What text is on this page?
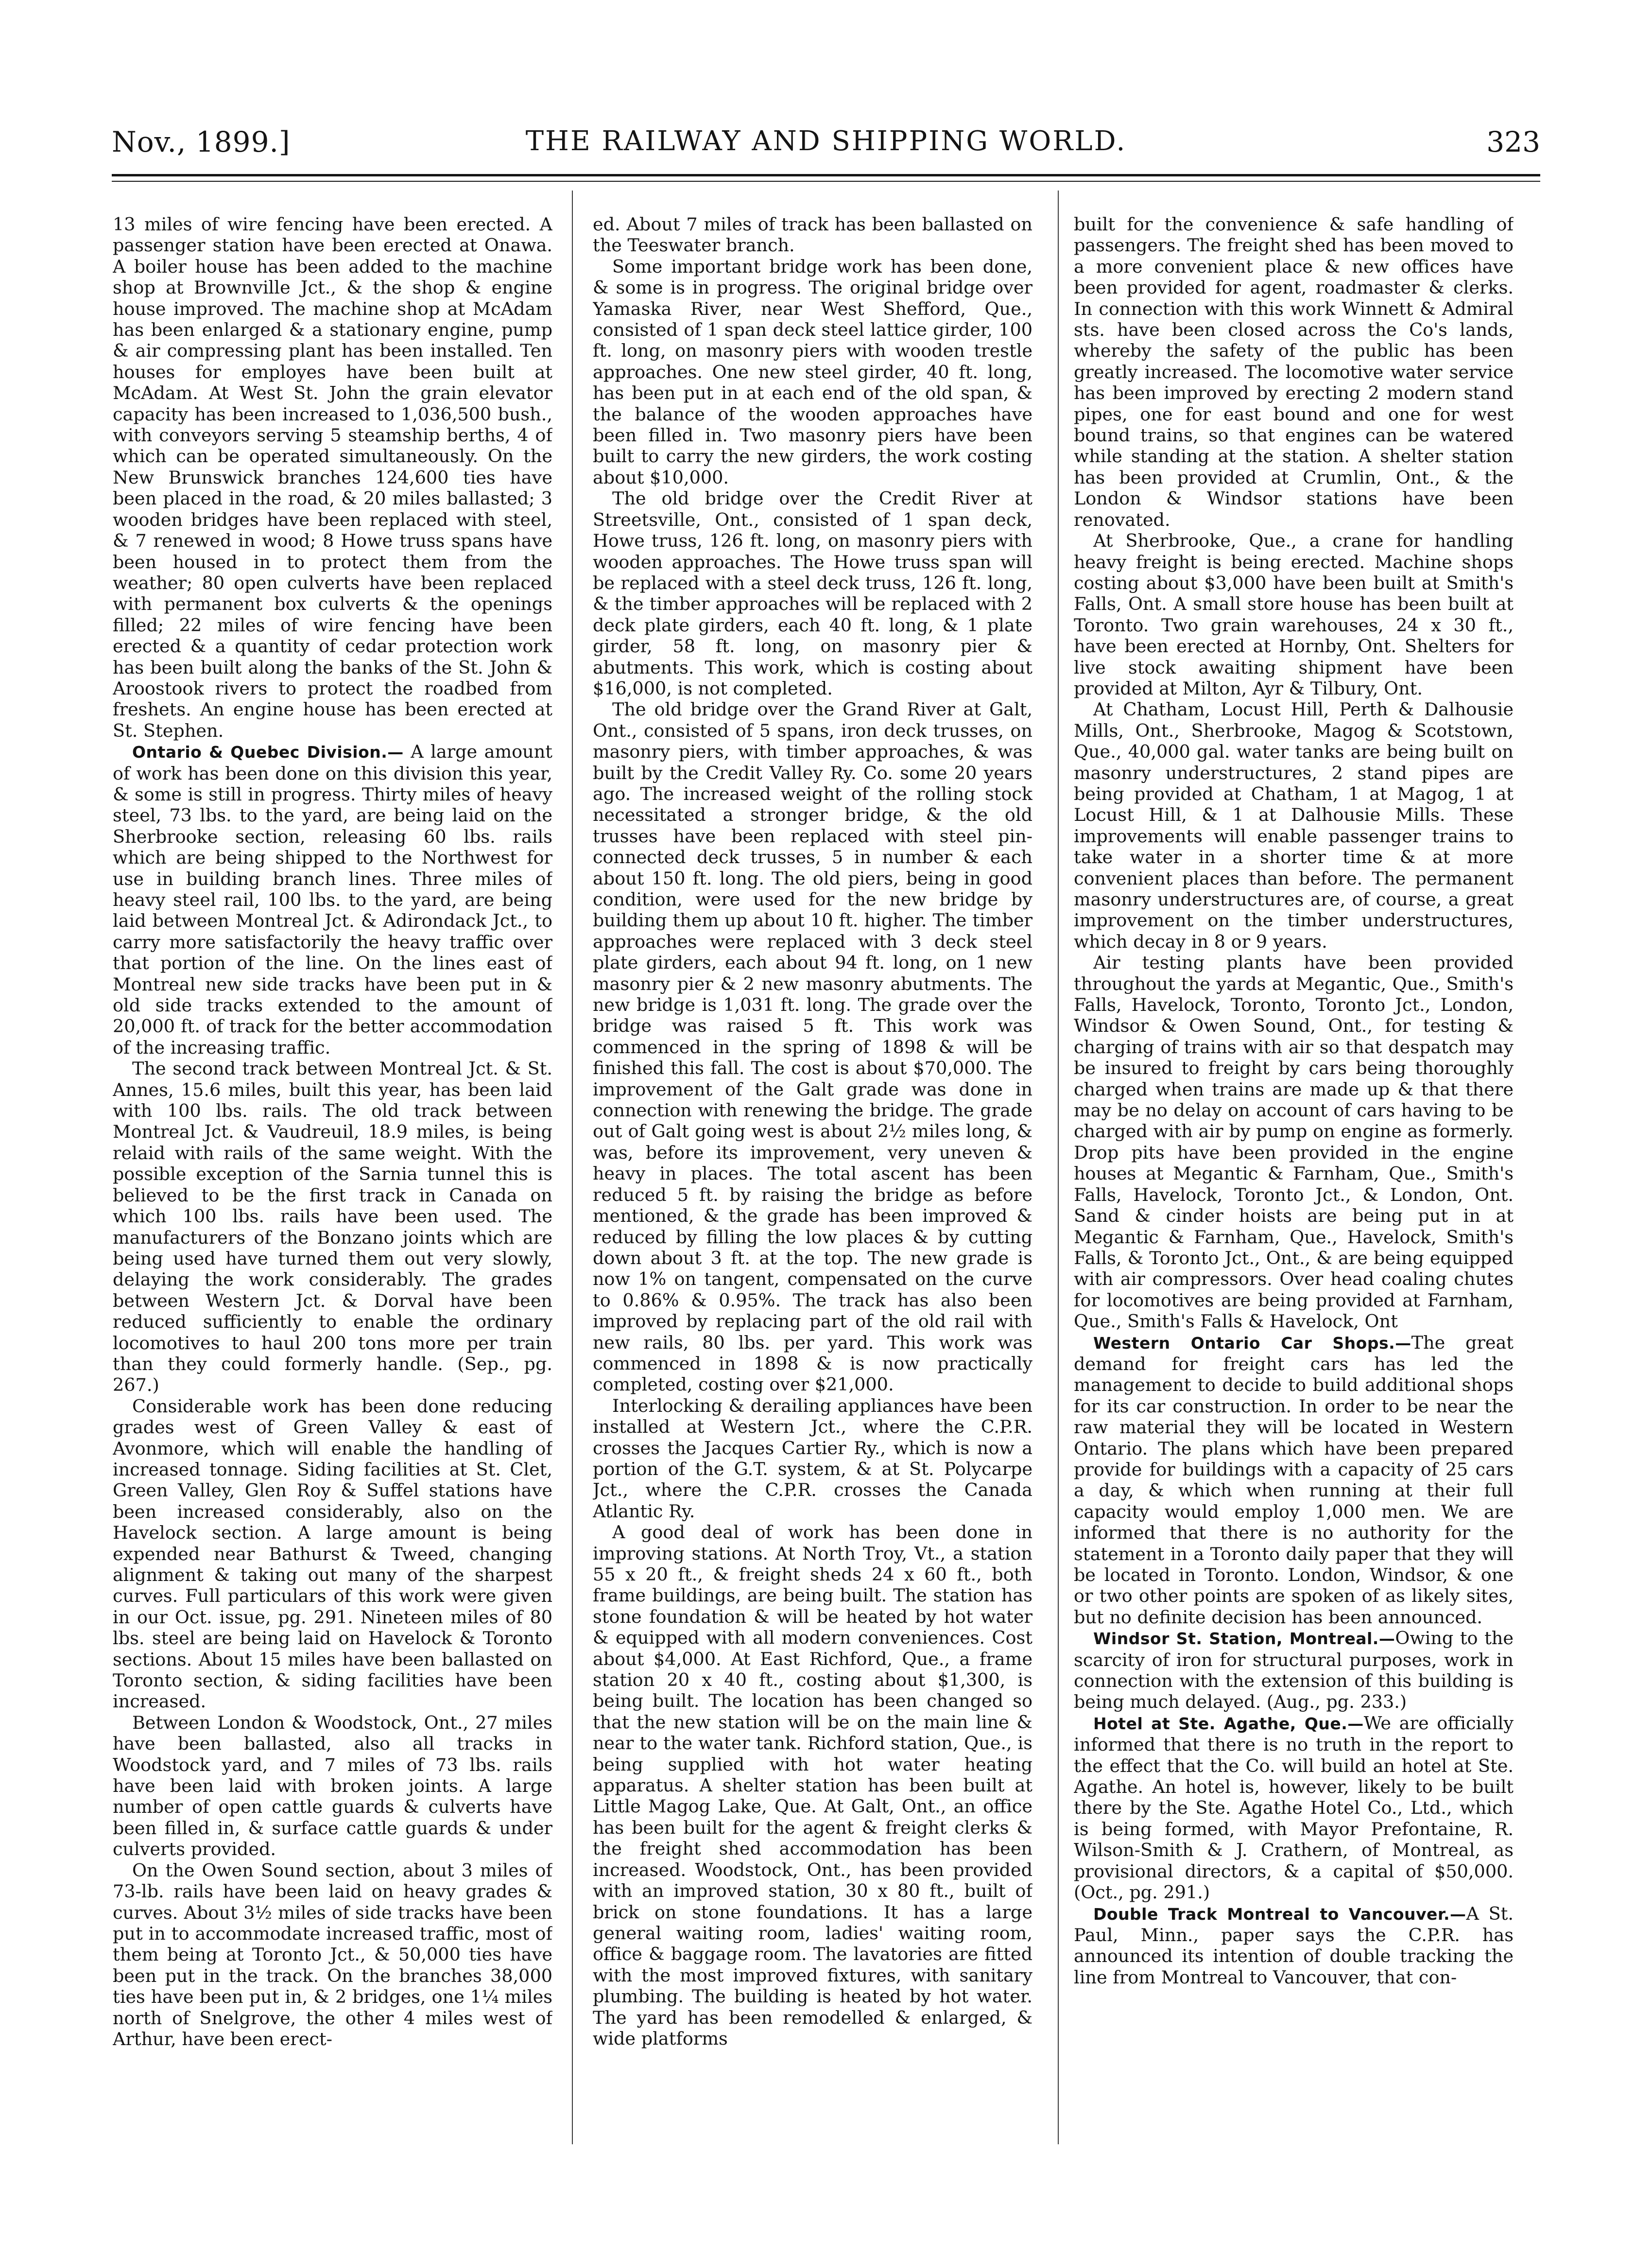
Nov., 1899.]	THE RAILWAY AND SHIPPING WORLD.	323

13 miles of wire fencing have been erected. A passenger station have been erected at Onawa. A boiler house has been added to the machine shop at Brownville Jct., & the shop & engine house improved. The machine shop at McAdam has been enlarged & a stationary engine, pump & air compressing plant has been installed. Ten houses for employes have been built at McAdam. At West St. John the grain elevator capacity has been increased to 1,036,500 bush., with conveyors serving 5 steamship berths, 4 of which can be operated simultaneously. On the New Brunswick branches 124,600 ties have been placed in the road, & 20 miles ballasted; 3 wooden bridges have been replaced with steel, & 7 renewed in wood; 8 Howe truss spans have been housed in to protect them from the weather; 80 open culverts have been replaced with permanent box culverts & the openings filled; 22 miles of wire fencing have been erected & a quantity of cedar protection work has been built along the banks of the St. John & Aroostook rivers to protect the roadbed from freshets. An engine house has been erected at St. Stephen.

Ontario & Quebec Division.— A large amount of work has been done on this division this year, & some is still in progress. Thirty miles of heavy steel, 73 lbs. to the yard, are being laid on the Sherbrooke section, releasing 60 lbs. rails which are being shipped to the Northwest for use in building branch lines. Three miles of heavy steel rail, 100 lbs. to the yard, are being laid between Montreal Jct. & Adirondack Jct., to carry more satisfactorily the heavy traffic over that portion of the line. On the lines east of Montreal new side tracks have been put in & old side tracks extended to the amount of 20,000 ft. of track for the better accommodation of the increasing traffic.

The second track between Montreal Jct. & St. Annes, 15.6 miles, built this year, has been laid with 100 lbs. rails. The old track between Montreal Jct. & Vaudreuil, 18.9 miles, is being relaid with rails of the same weight. With the possible exception of the Sarnia tunnel this is believed to be the first track in Canada on which 100 lbs. rails have been used. The manufacturers of the Bonzano joints which are being used have turned them out very slowly, delaying the work considerably. The grades between Western Jct. & Dorval have been reduced sufficiently to enable the ordinary locomotives to haul 200 tons more per train than they could formerly handle. (Sep., pg. 267.)

Considerable work has been done reducing grades west of Green Valley & east of Avonmore, which will enable the handling of increased tonnage. Siding facilities at St. Clet, Green Valley, Glen Roy & Suffel stations have been increased considerably, also on the Havelock section. A large amount is being expended near Bathurst & Tweed, changing alignment & taking out many of the sharpest curves. Full particulars of this work were given in our Oct. issue, pg. 291. Nineteen miles of 80 lbs. steel are being laid on Havelock & Toronto sections. About 15 miles have been ballasted on Toronto section, & siding facilities have been increased.

Between London & Woodstock, Ont., 27 miles have been ballasted, also all tracks in Woodstock yard, and 7 miles of 73 lbs. rails have been laid with broken joints. A large number of open cattle guards & culverts have been filled in, & surface cattle guards & under culverts provided.

On the Owen Sound section, about 3 miles of 73-lb. rails have been laid on heavy grades & curves. About 3½ miles of side tracks have been put in to accommodate increased traffic, most of them being at Toronto Jct., & 50,000 ties have been put in the track. On the branches 38,000 ties have been put in, & 2 bridges, one 1¼ miles north of Snelgrove, the other 4 miles west of Arthur, have been erect-

ed. About 7 miles of track has been ballasted on the Teeswater branch.

Some important bridge work has been done, & some is in progress. The original bridge over Yamaska River, near West Shefford, Que., consisted of 1 span deck steel lattice girder, 100 ft. long, on masonry piers with wooden trestle approaches. One new steel girder, 40 ft. long, has been put in at each end of the old span, & the balance of the wooden approaches have been filled in. Two masonry piers have been built to carry the new girders, the work costing about $10,000.

The old bridge over the Credit River at Streetsville, Ont., consisted of 1 span deck, Howe truss, 126 ft. long, on masonry piers with wooden approaches. The Howe truss span will be replaced with a steel deck truss, 126 ft. long, & the timber approaches will be replaced with 2 deck plate girders, each 40 ft. long, & 1 plate girder, 58 ft. long, on masonry pier & abutments. This work, which is costing about $16,000, is not completed.

The old bridge over the Grand River at Galt, Ont., consisted of 5 spans, iron deck trusses, on masonry piers, with timber approaches, & was built by the Credit Valley Ry. Co. some 20 years ago. The increased weight of the rolling stock necessitated a stronger bridge, & the old trusses have been replaced with steel pin-connected deck trusses, 5 in number & each about 150 ft. long. The old piers, being in good condition, were used for the new bridge by building them up about 10 ft. higher. The timber approaches were replaced with 3 deck steel plate girders, each about 94 ft. long, on 1 new masonry pier & 2 new masonry abutments. The new bridge is 1,031 ft. long. The grade over the bridge was raised 5 ft. This work was commenced in the spring of 1898 & will be finished this fall. The cost is about $70,000. The improvement of the Galt grade was done in connection with renewing the bridge. The grade out of Galt going west is about 2½ miles long, & was, before its improvement, very uneven & heavy in places. The total ascent has been reduced 5 ft. by raising the bridge as before mentioned, & the grade has been improved & reduced by filling the low places & by cutting down about 3 ft. at the top. The new grade is now 1% on tangent, compensated on the curve to 0.86% & 0.95%. The track has also been improved by replacing part of the old rail with new rails, 80 lbs. per yard. This work was commenced in 1898 & is now practically completed, costing over $21,000.

Interlocking & derailing appliances have been installed at Western Jct., where the C.P.R. crosses the Jacques Cartier Ry., which is now a portion of the G.T. system, & at St. Polycarpe Jct., where the C.P.R. crosses the Canada Atlantic Ry.

A good deal of work has been done in improving stations. At North Troy, Vt., a station 55 x 20 ft., & freight sheds 24 x 60 ft., both frame buildings, are being built. The station has stone foundation & will be heated by hot water & equipped with all modern conveniences. Cost about $4,000. At East Richford, Que., a frame station 20 x 40 ft., costing about $1,300, is being built. The location has been changed so that the new station will be on the main line & near to the water tank. Richford station, Que., is being supplied with hot water heating apparatus. A shelter station has been built at Little Magog Lake, Que. At Galt, Ont., an office has been built for the agent & freight clerks & the freight shed accommodation has been increased. Woodstock, Ont., has been provided with an improved station, 30 x 80 ft., built of brick on stone foundations. It has a large general waiting room, ladies' waiting room, office & baggage room. The lavatories are fitted with the most improved fixtures, with sanitary plumbing. The building is heated by hot water. The yard has been remodelled & enlarged, & wide platforms

built for the convenience & safe handling of passengers. The freight shed has been moved to a more convenient place & new offices have been provided for agent, roadmaster & clerks. In connection with this work Winnett & Admiral sts. have been closed across the Co's lands, whereby the safety of the public has been greatly increased. The locomotive water service has been improved by erecting 2 modern stand pipes, one for east bound and one for west bound trains, so that engines can be watered while standing at the station. A shelter station has been provided at Crumlin, Ont., & the London & Windsor stations have been renovated.

At Sherbrooke, Que., a crane for handling heavy freight is being erected. Machine shops costing about $3,000 have been built at Smith's Falls, Ont. A small store house has been built at Toronto. Two grain warehouses, 24 x 30 ft., have been erected at Hornby, Ont. Shelters for live stock awaiting shipment have been provided at Milton, Ayr & Tilbury, Ont.

At Chatham, Locust Hill, Perth & Dalhousie Mills, Ont., Sherbrooke, Magog & Scotstown, Que., 40,000 gal. water tanks are being built on masonry understructures, 2 stand pipes are being provided at Chatham, 1 at Magog, 1 at Locust Hill, & 1 at Dalhousie Mills. These improvements will enable passenger trains to take water in a shorter time & at more convenient places than before. The permanent masonry understructures are, of course, a great improvement on the timber understructures, which decay in 8 or 9 years.

Air testing plants have been provided throughout the yards at Megantic, Que., Smith's Falls, Havelock, Toronto, Toronto Jct., London, Windsor & Owen Sound, Ont., for testing & charging of trains with air so that despatch may be insured to freight by cars being thoroughly charged when trains are made up & that there may be no delay on account of cars having to be charged with air by pump on engine as formerly. Drop pits have been provided in the engine houses at Megantic & Farnham, Que., Smith's Falls, Havelock, Toronto Jct., & London, Ont. Sand & cinder hoists are being put in at Megantic & Farnham, Que., Havelock, Smith's Falls, & Toronto Jct., Ont., & are being equipped with air compressors. Over head coaling chutes for locomotives are being provided at Farnham, Que., Smith's Falls & Havelock, Ont

Western Ontario Car Shops.—The great demand for freight cars has led the management to decide to build additional shops for its car construction. In order to be near the raw material they will be located in Western Ontario. The plans which have been prepared provide for buildings with a capacity of 25 cars a day, & which when running at their full capacity would employ 1,000 men. We are informed that there is no authority for the statement in a Toronto daily paper that they will be located in Toronto. London, Windsor, & one or two other points are spoken of as likely sites, but no definite decision has been announced.

Windsor St. Station, Montreal.—Owing to the scarcity of iron for structural purposes, work in connection with the extension of this building is being much delayed. (Aug., pg. 233.)

Hotel at Ste. Agathe, Que.—We are officially informed that there is no truth in the report to the effect that the Co. will build an hotel at Ste. Agathe. An hotel is, however, likely to be built there by the Ste. Agathe Hotel Co., Ltd., which is being formed, with Mayor Prefontaine, R. Wilson-Smith & J. Crathern, of Montreal, as provisional directors, & a capital of $50,000. (Oct., pg. 291.)

Double Track Montreal to Vancouver.—A St. Paul, Minn., paper says the C.P.R. has announced its intention of double tracking the line from Montreal to Vancouver, that con-
